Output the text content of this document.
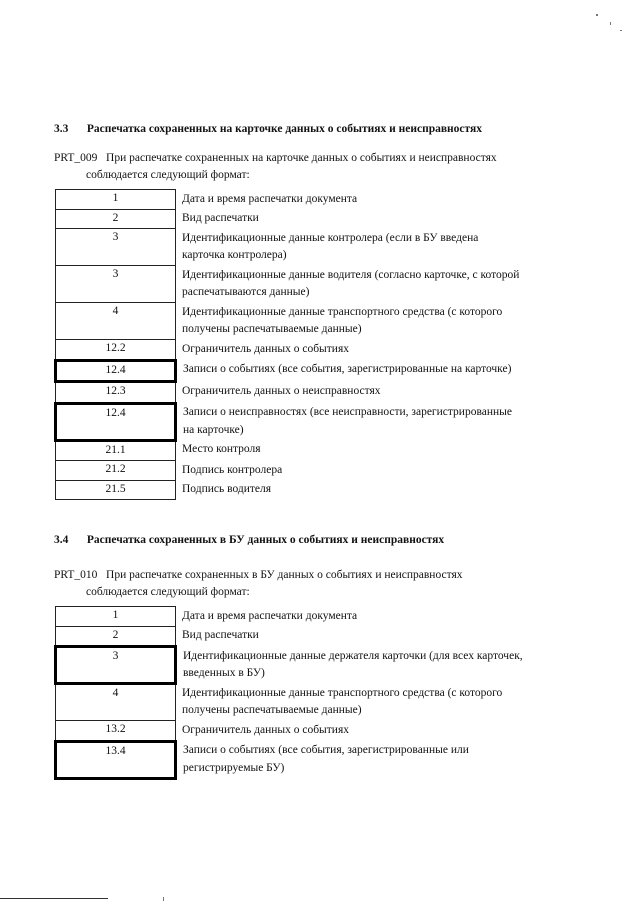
3.3 Распечатка сохраненных на карточке данных о событиях и неисправностях
PRT_009 При распечатке сохраненных на карточке данных о событиях и неисправностях
соблюдается следующий формат:
1	Дата и время распечатки документа
2	Вид распечатки
3	Идентификационные данные контролера (если в БУ введена карточка контролера)
3	Идентификационные данные водителя (согласно карточке, с которой распечатываются данные)
4	Идентификационные данные транспортного средства (с которого получены распечатываемые данные)
12.2	Ограничитель данных о событиях
12.4	Записи о событиях (все события, зарегистрированные на карточке)
12.3	Ограничитель данных о неисправностях
12.4	Записи о неисправностях (все неисправности, зарегистрированные на карточке)
21.1	Место контроля
21.2	Подпись контролера
21.5	Подпись водителя
3.4 Распечатка сохраненных в БУ данных о событиях и неисправностях
PRT_010 При распечатке сохраненных в БУ данных о событиях и неисправностях
соблюдается следующий формат:
1	Дата и время распечатки документа
2	Вид распечатки
3	Идентификационные данные держателя карточки (для всех карточек, введенных в БУ)
4	Идентификационные данные транспортного средства (с которого получены распечатываемые данные)
13.2	Ограничитель данных о событиях
13.4	Записи о событиях (все события, зарегистрированные или регистрируемые БУ)
